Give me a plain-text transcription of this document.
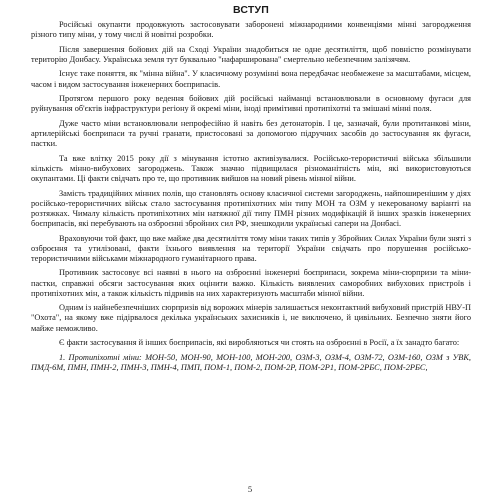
ВСТУП

Російські окупанти продовжують застосовувати заборонені міжнародними конвенціями мінні загородження різного типу міни, у тому числі й новітні розробки.

Після завершення бойових дій на Сході України знадобиться не одне десятиліття, щоб повністю розмінувати територію Донбасу. Українська земля тут буквально "нафарширована" смертельно небезпечним залізячям.

Існує таке поняття, як "мінна війна". У класичному розумінні вона передбачає необмежене за масштабами, місцем, часом і видом застосування інженерних боєприпасів.

Протягом першого року ведення бойових дій російські найманці встановлювали в основному фугаси для руйнування об'єктів інфраструктури регіону й окремі міни, іноді примітивні протипіхотні та змішані мінні поля.

Дуже часто міни встановлювали непрофесійно й навіть без детонаторів. І це, зазначай, були протитанкові міни, артилерійські боєприпаси та ручні гранати, пристосовані за допомогою підручних засобів до застосування як фугаси, пастки.

Та вже влітку 2015 року дії з мінування істотно активізувалися. Російсько-терористичні війська збільшили кількість мінно-вибухових загороджень. Також значно підвищилася різноманітність мін, які використовуються окупантами. Ці факти свідчать про те, що противник вийшов на новий рівень мінної війни.

Замість традиційних мінних полів, що становлять основу класичної системи загороджень, найпоширенішим у діях російсько-терористичних військ стало застосування протипіхотних мін типу МОН та ОЗМ у некерованому варіанті на розтяжках. Чималу кількість протипіхотних мін натяжної дії типу ПМН різних модифікацій й інших зразків інженерних боєприпасів, які перебувають на озброєнні збройних сил РФ, знешкодили українські сапери на Донбасі.

Враховуючи той факт, що вже майже два десятиліття тому міни таких типів у Збройних Силах України були зняті з озброєння та утилізовані, факти їхнього виявлення на території України свідчать про порушення російсько-терористичними військами міжнародного гуманітарного права.

Противник застосовує всі наявні в нього на озброєнні інженерні боєприпаси, зокрема міни-сюрпризи та міни-пастки, справжні обсяги застосування яких оцінити важко. Кількість виявлених саморобних вибухових пристроїв і протипіхотних мін, а також кількість підривів на них характеризують масштаби мінної війни.

Одним із найнебезпечніших сюрпризів від ворожих мінерів залишається неконтактний вибуховий пристрій НВУ-П "Охота", на якому вже підірвалося декілька українських захисників і, не виключено, й цивільних. Безпечно зняти його майже неможливо.

Є факти застосування й інших боєприпасів, які виробляються чи стоять на озброєнні в Росії, а їх занадто багато:

1. Протипіхотні міни: МОН-50, МОН-90, МОН-100, МОН-200, ОЗМ-3, ОЗМ-4, ОЗМ-72, ОЗМ-160, ОЗМ з УВК, ПМД-6М, ПМН, ПМН-2, ПМН-3, ПМН-4, ПМП, ПОМ-1, ПОМ-2, ПОМ-2Р, ПОМ-2Р1, ПОМ-2РБС, ПОМ-2РБС,

5
